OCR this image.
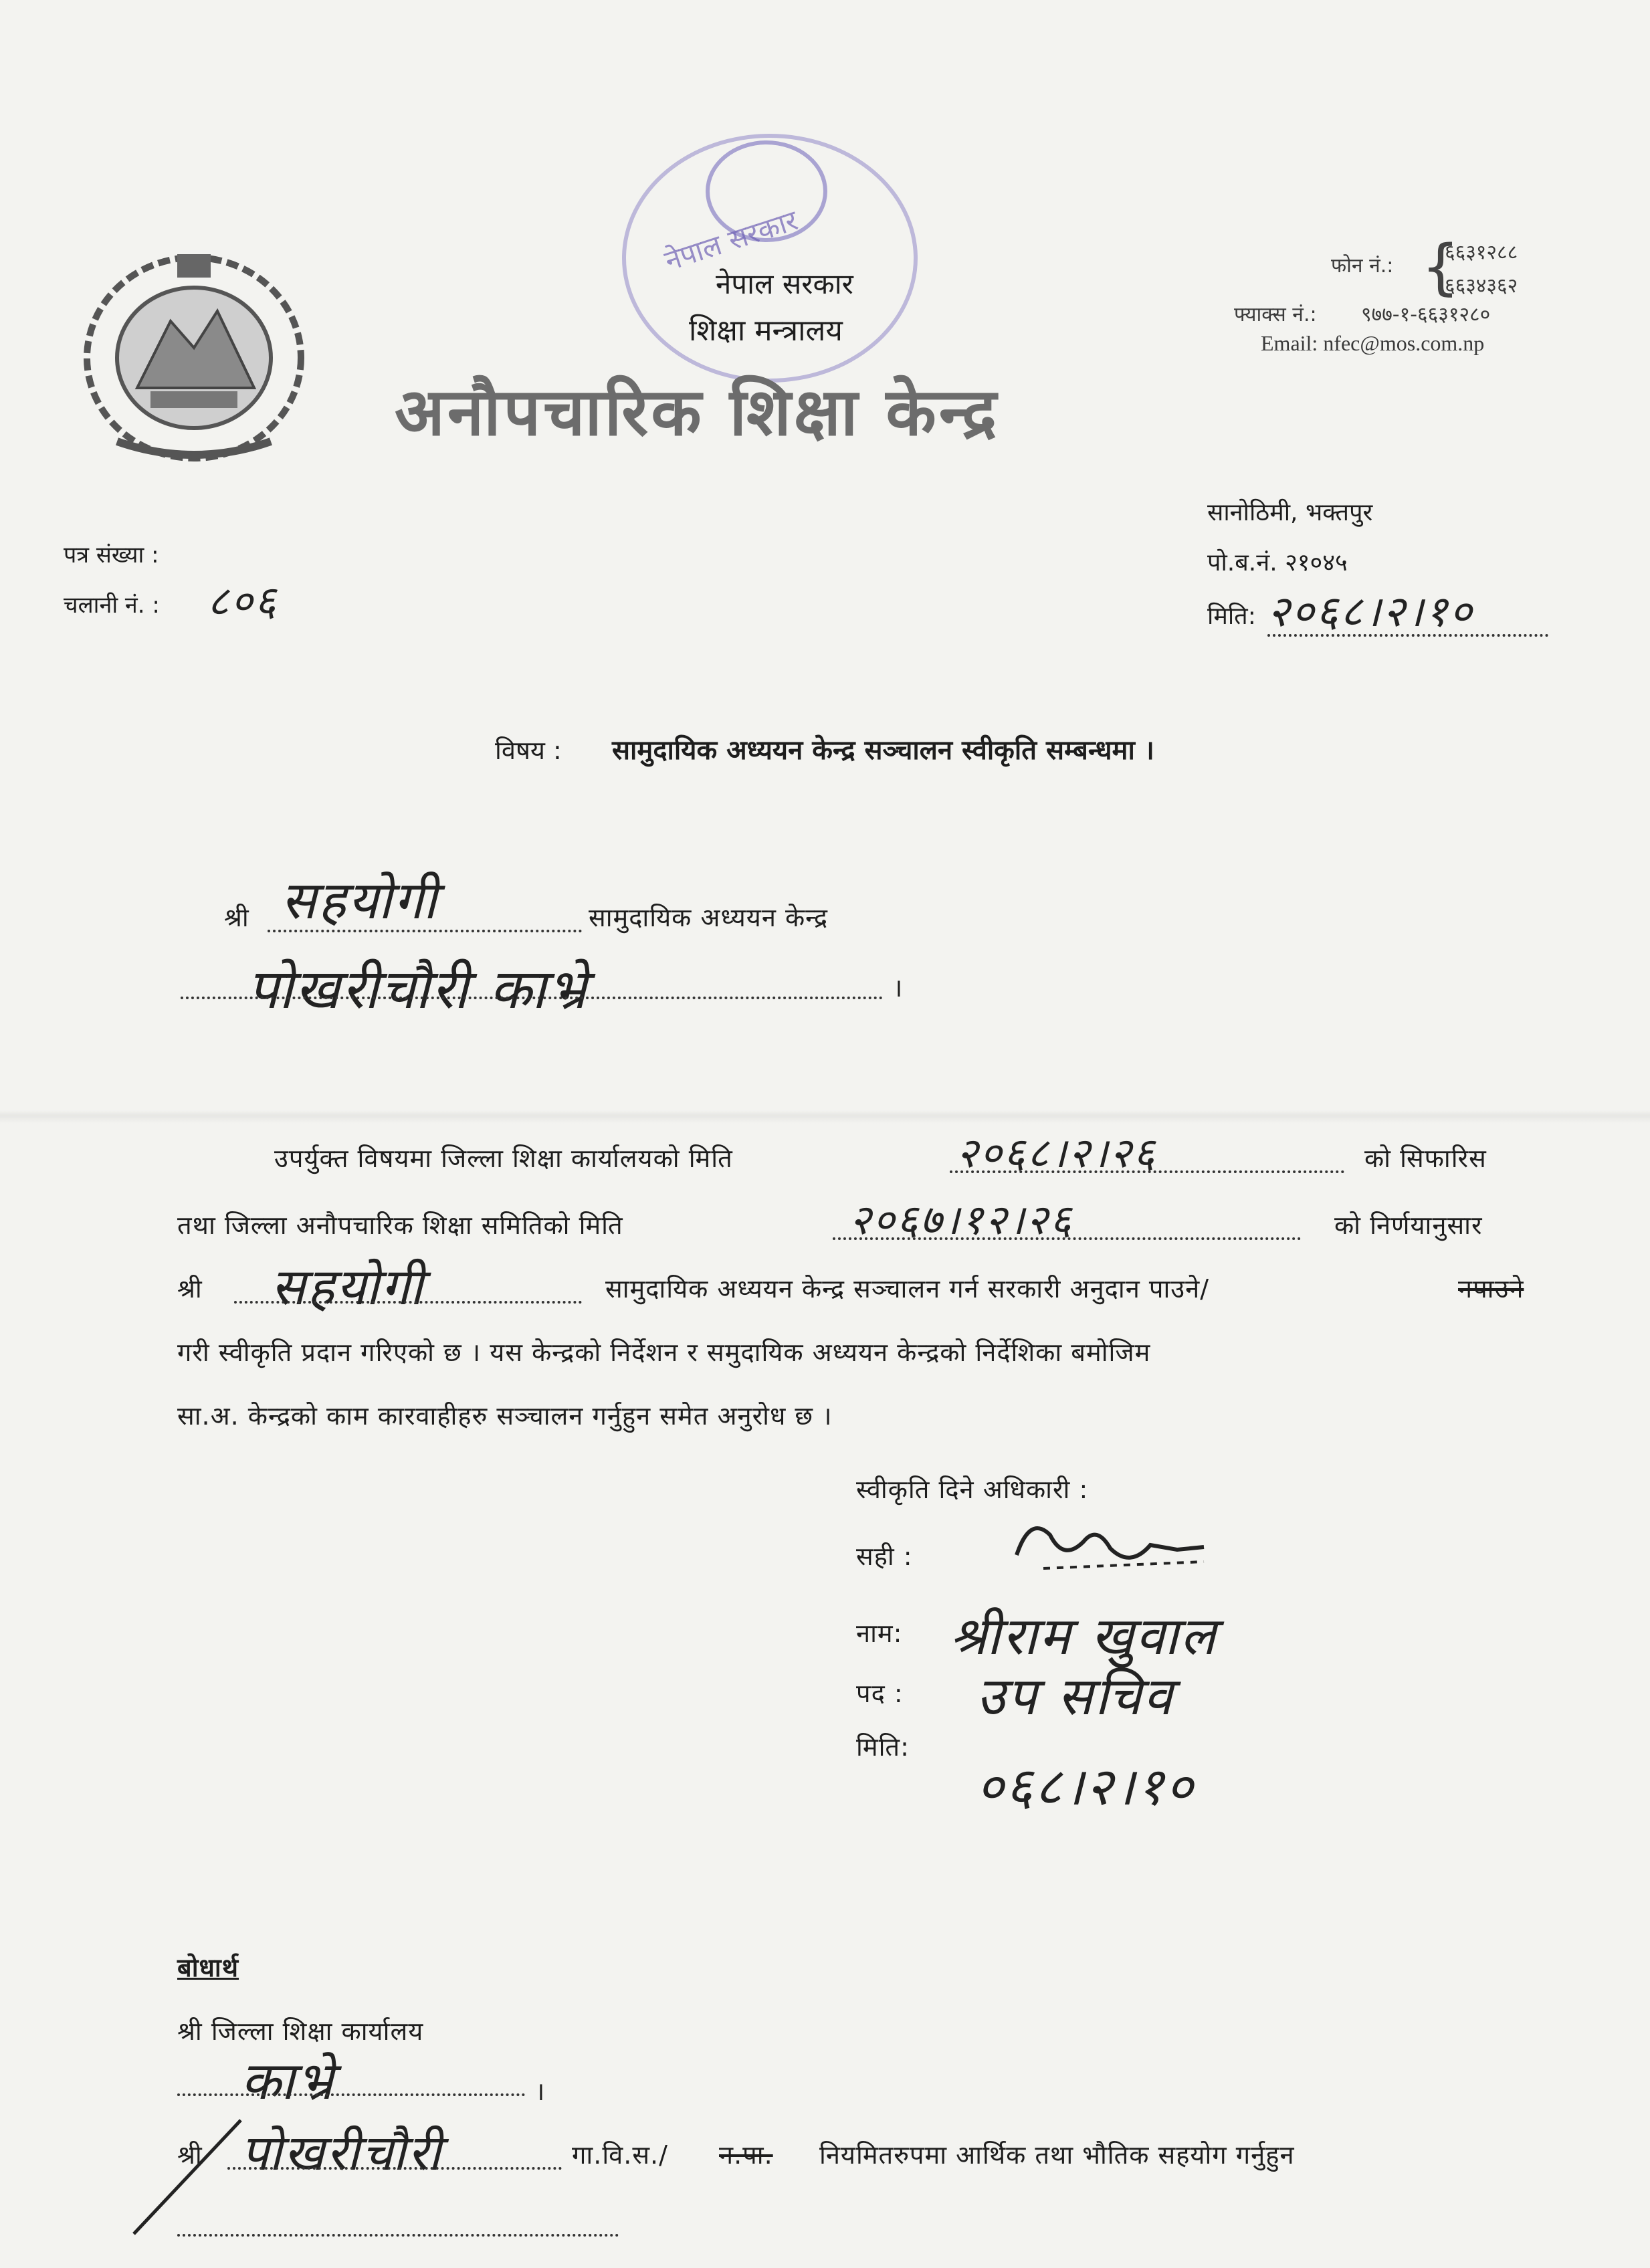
नेपाल सरकार
नेपाल सरकार
शिक्षा मन्त्रालय
अनौपचारिक शिक्षा केन्द्र
फोन नं.: {
६६३१२८८
६६३४३६२
फ्याक्स नं.: ९७७-१-६६३१२८०
Email: nfec@mos.com.np
सानोठिमी, भक्तपुर
पो.ब.नं. २१०४५
मिति: २०६८।२।१०
पत्र संख्या :
चलानी नं. : ८०६
विषय : सामुदायिक अध्ययन केन्द्र सञ्चालन स्वीकृति सम्बन्धमा ।
श्री सहयोगी	सामुदायिक अध्ययन केन्द्र
पोखरीचौरी काभ्रे	।
उपर्युक्त विषयमा जिल्ला शिक्षा कार्यालयको मिति	२०६८।२।२६	को सिफारिस
तथा जिल्ला अनौपचारिक शिक्षा समितिको मिति	२०६७।१२।२६	को निर्णयानुसार
श्री सहयोगी	सामुदायिक अध्ययन केन्द्र सञ्चालन गर्न सरकारी अनुदान पाउने/	नपाउने
गरी स्वीकृति प्रदान गरिएको छ । यस केन्द्रको निर्देशन र समुदायिक अध्ययन केन्द्रको निर्देशिका बमोजिम
सा.अ. केन्द्रको काम कारवाहीहरु सञ्चालन गर्नुहुन समेत अनुरोध छ ।
स्वीकृति दिने अधिकारी :
सही :
नाम: श्रीराम खुवाल
पद : उप सचिव
मिति:
०६८।२।१०
बोधार्थ
श्री जिल्ला शिक्षा कार्यालय
काभ्रे	।
श्री पोखरीचौरी	गा.वि.स./ न.पा. नियमितरुपमा आर्थिक तथा भौतिक सहयोग गर्नुहुन
